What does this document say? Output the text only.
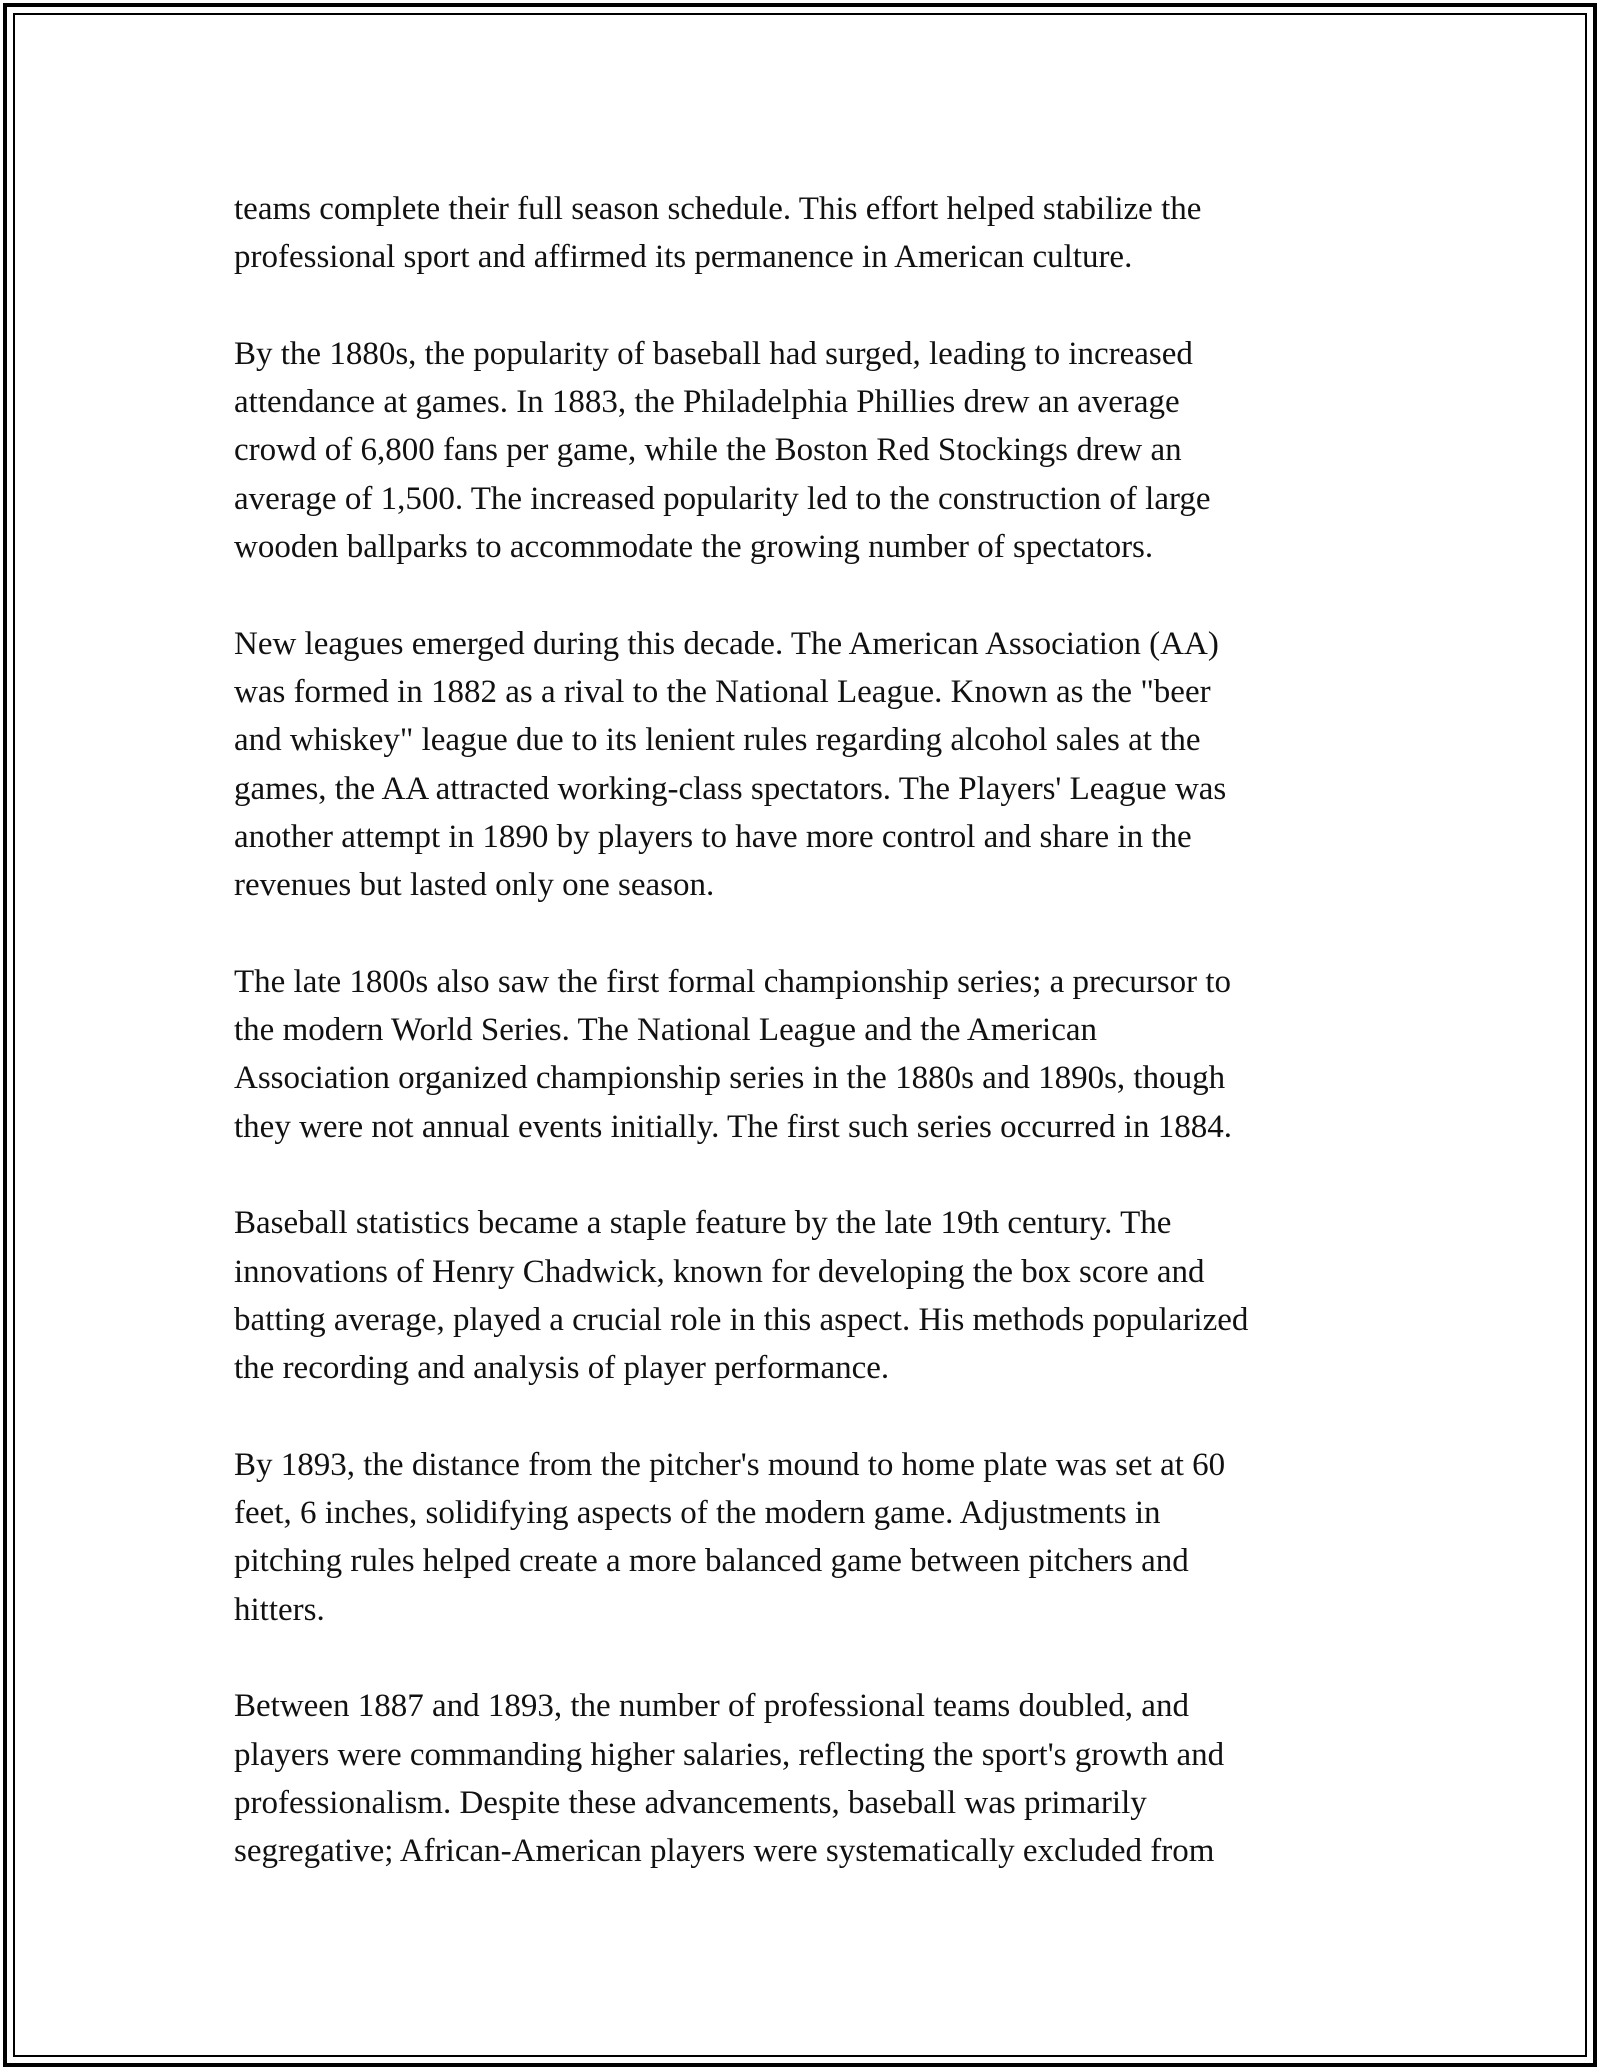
teams complete their full season schedule. This effort helped stabilize the
professional sport and affirmed its permanence in American culture.

By the 1880s, the popularity of baseball had surged, leading to increased
attendance at games. In 1883, the Philadelphia Phillies drew an average
crowd of 6,800 fans per game, while the Boston Red Stockings drew an
average of 1,500. The increased popularity led to the construction of large
wooden ballparks to accommodate the growing number of spectators.

New leagues emerged during this decade. The American Association (AA)
was formed in 1882 as a rival to the National League. Known as the "beer
and whiskey" league due to its lenient rules regarding alcohol sales at the
games, the AA attracted working-class spectators. The Players' League was
another attempt in 1890 by players to have more control and share in the
revenues but lasted only one season.

The late 1800s also saw the first formal championship series; a precursor to
the modern World Series. The National League and the American
Association organized championship series in the 1880s and 1890s, though
they were not annual events initially. The first such series occurred in 1884.

Baseball statistics became a staple feature by the late 19th century. The
innovations of Henry Chadwick, known for developing the box score and
batting average, played a crucial role in this aspect. His methods popularized
the recording and analysis of player performance.

By 1893, the distance from the pitcher's mound to home plate was set at 60
feet, 6 inches, solidifying aspects of the modern game. Adjustments in
pitching rules helped create a more balanced game between pitchers and
hitters.

Between 1887 and 1893, the number of professional teams doubled, and
players were commanding higher salaries, reflecting the sport's growth and
professionalism. Despite these advancements, baseball was primarily
segregative; African-American players were systematically excluded from
